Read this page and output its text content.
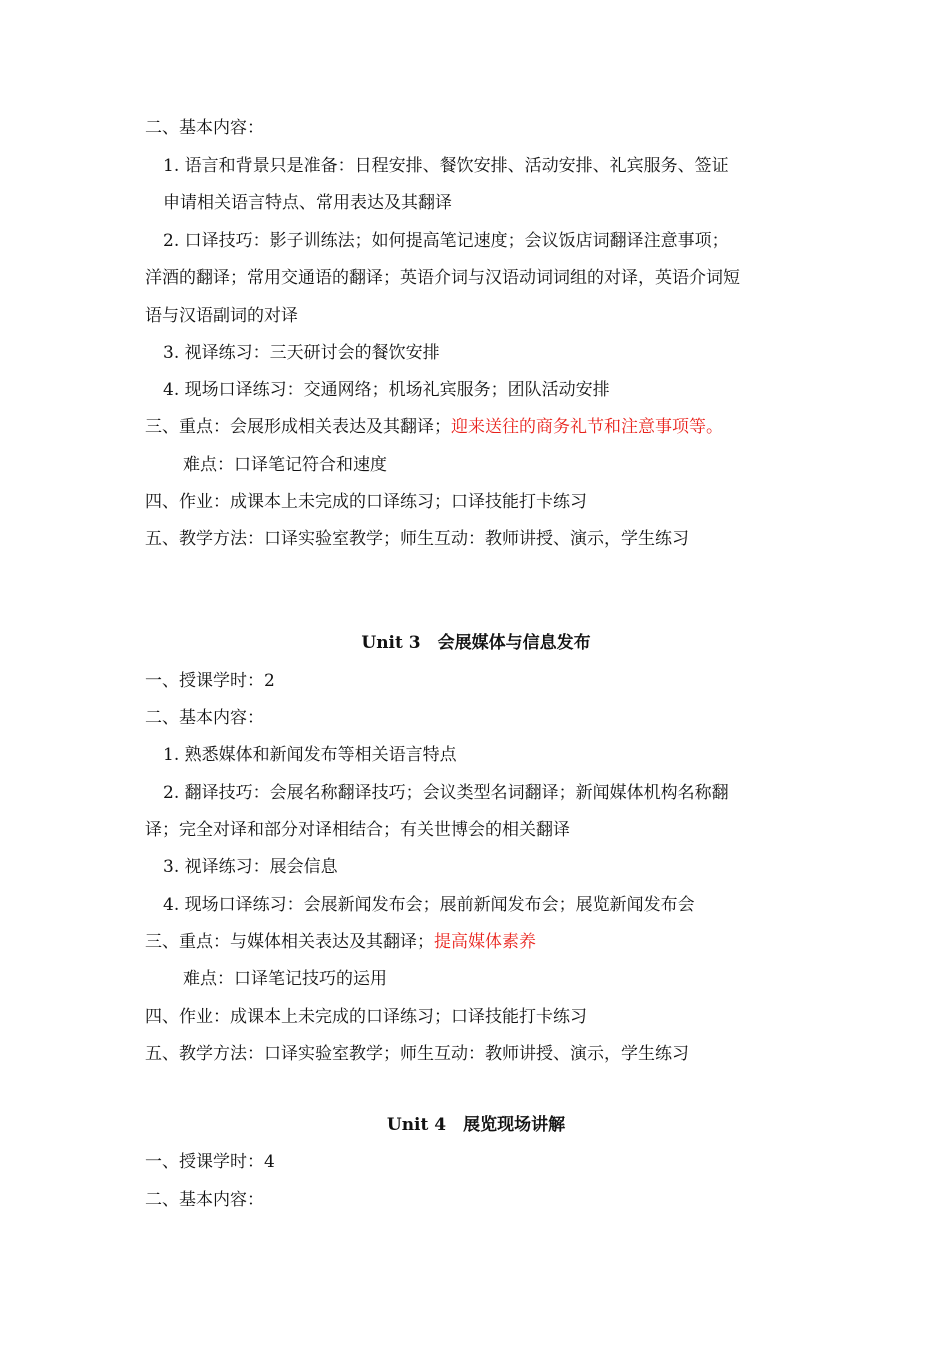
二、基本内容：
1. 语言和背景只是准备：日程安排、餐饮安排、活动安排、礼宾服务、签证
申请相关语言特点、常用表达及其翻译
2. 口译技巧：影子训练法；如何提高笔记速度；会议饭店词翻译注意事项；
洋酒的翻译；常用交通语的翻译；英语介词与汉语动词词组的对译，英语介词短
语与汉语副词的对译
3. 视译练习：三天研讨会的餐饮安排
4. 现场口译练习：交通网络；机场礼宾服务；团队活动安排
三、重点：会展形成相关表达及其翻译；迎来送往的商务礼节和注意事项等。
难点：口译笔记符合和速度
四、作业：成课本上未完成的口译练习；口译技能打卡练习
五、教学方法：口译实验室教学；师生互动：教师讲授、演示，学生练习
Unit 3　会展媒体与信息发布
一、授课学时：2
二、基本内容：
1. 熟悉媒体和新闻发布等相关语言特点
2. 翻译技巧：会展名称翻译技巧；会议类型名词翻译；新闻媒体机构名称翻
译；完全对译和部分对译相结合；有关世博会的相关翻译
3. 视译练习：展会信息
4. 现场口译练习：会展新闻发布会；展前新闻发布会；展览新闻发布会
三、重点：与媒体相关表达及其翻译；提高媒体素养
难点：口译笔记技巧的运用
四、作业：成课本上未完成的口译练习；口译技能打卡练习
五、教学方法：口译实验室教学；师生互动：教师讲授、演示，学生练习
Unit 4　展览现场讲解
一、授课学时：4
二、基本内容：
